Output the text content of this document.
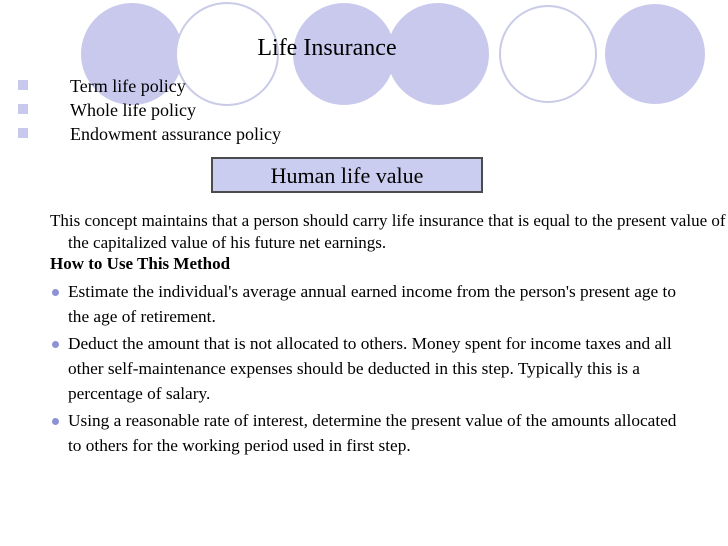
Life Insurance
Term life policy
Whole life policy
Endowment assurance policy
Human life value
This concept maintains that a person should carry life insurance that is equal to the present value of the capitalized value of his future net earnings.
How to Use This Method
Estimate the individual's average annual earned income from the person's present age to the age of retirement.
Deduct the amount that is not allocated to others. Money spent for income taxes and all other self-maintenance expenses should be deducted in this step. Typically this is a percentage of salary.
Using a reasonable rate of interest, determine the present value of the amounts allocated to others for the working period used in first step.
